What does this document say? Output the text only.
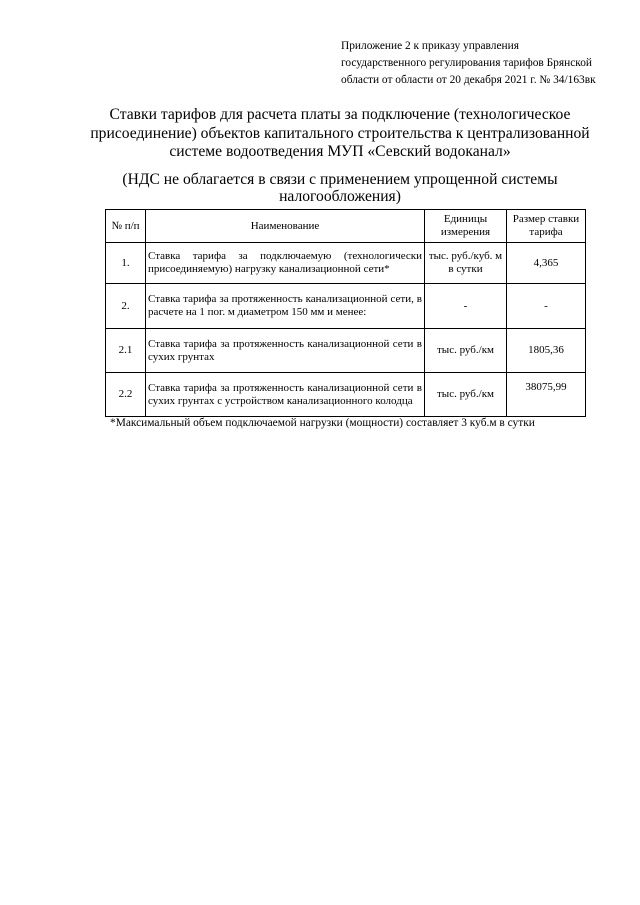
Приложение 2 к приказу управления
государственного регулирования тарифов Брянской
области от области от 20 декабря 2021 г. № 34/163вк
Ставки тарифов для расчета платы за подключение (технологическое
присоединение) объектов капитального строительства к централизованной
системе водоотведения МУП «Севский водоканал»
(НДС не облагается в связи с применением упрощенной системы
налогообложения)
№ п/п	Наименование	Единицы измерения	Размер ставки тарифа
1.	Ставка тарифа за подключаемую (технологически присоединяемую) нагрузку канализационной сети*	тыс. руб./куб. м в сутки	4,365
2.	Ставка тарифа за протяженность канализационной сети, в расчете на 1 пог. м диаметром 150 мм и менее:	-	-
2.1	Ставка тарифа за протяженность канализационной сети в сухих грунтах	тыс. руб./км	1805,36
2.2	Ставка тарифа за протяженность канализационной сети в сухих грунтах с устройством канализационного колодца	тыс. руб./км	38075,99
*Максимальный объем подключаемой нагрузки (мощности) составляет 3 куб.м в сутки
